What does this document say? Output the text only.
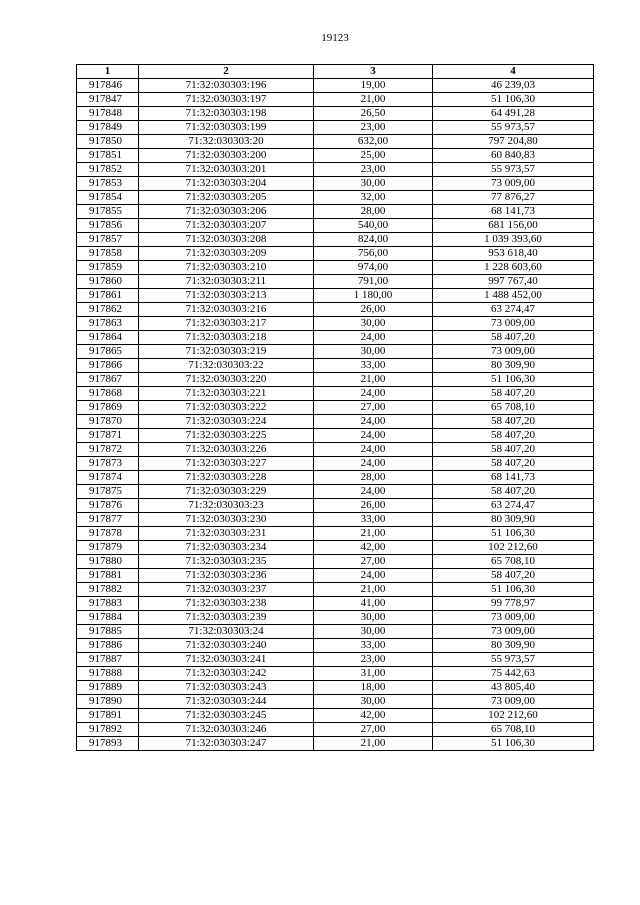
19123
1	2	3	4
917846	71:32:030303:196	19,00	46 239,03
917847	71:32:030303:197	21,00	51 106,30
917848	71:32:030303:198	26,50	64 491,28
917849	71:32:030303:199	23,00	55 973,57
917850	71:32:030303:20	632,00	797 204,80
917851	71:32:030303:200	25,00	60 840,83
917852	71:32:030303:201	23,00	55 973,57
917853	71:32:030303:204	30,00	73 009,00
917854	71:32:030303:205	32,00	77 876,27
917855	71:32:030303:206	28,00	68 141,73
917856	71:32:030303:207	540,00	681 156,00
917857	71:32:030303:208	824,00	1 039 393,60
917858	71:32:030303:209	756,00	953 618,40
917859	71:32:030303:210	974,00	1 228 603,60
917860	71:32:030303:211	791,00	997 767,40
917861	71:32:030303:213	1 180,00	1 488 452,00
917862	71:32:030303:216	26,00	63 274,47
917863	71:32:030303:217	30,00	73 009,00
917864	71:32:030303:218	24,00	58 407,20
917865	71:32:030303:219	30,00	73 009,00
917866	71:32:030303:22	33,00	80 309,90
917867	71:32:030303:220	21,00	51 106,30
917868	71:32:030303:221	24,00	58 407,20
917869	71:32:030303:222	27,00	65 708,10
917870	71:32:030303:224	24,00	58 407,20
917871	71:32:030303:225	24,00	58 407,20
917872	71:32:030303:226	24,00	58 407,20
917873	71:32:030303:227	24,00	58 407,20
917874	71:32:030303:228	28,00	68 141,73
917875	71:32:030303:229	24,00	58 407,20
917876	71:32:030303:23	26,00	63 274,47
917877	71:32:030303:230	33,00	80 309,90
917878	71:32:030303:231	21,00	51 106,30
917879	71:32:030303:234	42,00	102 212,60
917880	71:32:030303:235	27,00	65 708,10
917881	71:32:030303:236	24,00	58 407,20
917882	71:32:030303:237	21,00	51 106,30
917883	71:32:030303:238	41,00	99 778,97
917884	71:32:030303:239	30,00	73 009,00
917885	71:32:030303:24	30,00	73 009,00
917886	71:32:030303:240	33,00	80 309,90
917887	71:32:030303:241	23,00	55 973,57
917888	71:32:030303:242	31,00	75 442,63
917889	71:32:030303:243	18,00	43 805,40
917890	71:32:030303:244	30,00	73 009,00
917891	71:32:030303:245	42,00	102 212,60
917892	71:32:030303:246	27,00	65 708,10
917893	71:32:030303:247	21,00	51 106,30
